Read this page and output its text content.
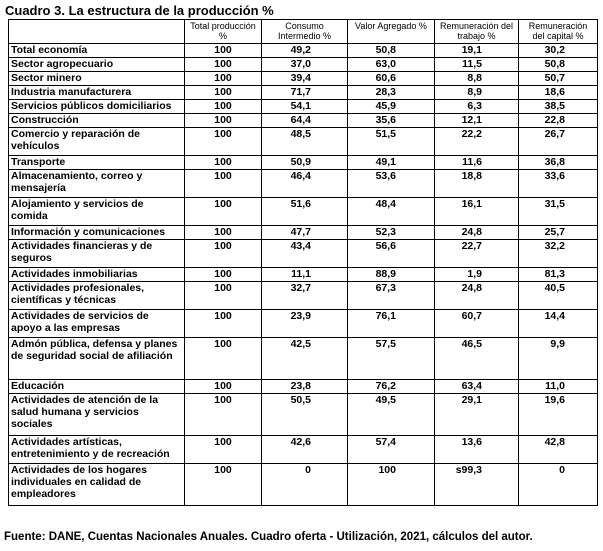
Cuadro 3. La estructura de la producción %
	Total producción %	Consumo Intermedio %	Valor Agregado %	Remuneración del trabajo %	Remuneración del capital %
Total economía	100	49,2	50,8	19,1	30,2
Sector agropecuario	100	37,0	63,0	11,5	50,8
Sector minero	100	39,4	60,6	8,8	50,7
Industria manufacturera	100	71,7	28,3	8,9	18,6
Servicios públicos domiciliarios	100	54,1	45,9	6,3	38,5
Construcción	100	64,4	35,6	12,1	22,8
Comercio y reparación de vehículos	100	48,5	51,5	22,2	26,7
Transporte	100	50,9	49,1	11,6	36,8
Almacenamiento, correo y mensajería	100	46,4	53,6	18,8	33,6
Alojamiento y servicios de comida	100	51,6	48,4	16,1	31,5
Información y comunicaciones	100	47,7	52,3	24,8	25,7
Actividades financieras y de seguros	100	43,4	56,6	22,7	32,2
Actividades inmobiliarias	100	11,1	88,9	1,9	81,3
Actividades profesionales, científicas y técnicas	100	32,7	67,3	24,8	40,5
Actividades de servicios de apoyo a las empresas	100	23,9	76,1	60,7	14,4
Admón pública, defensa y planes de seguridad social de afiliación	100	42,5	57,5	46,5	9,9
Educación	100	23,8	76,2	63,4	11,0
Actividades de atención de la salud humana y servicios sociales	100	50,5	49,5	29,1	19,6
Actividades artísticas, entretenimiento y de recreación	100	42,6	57,4	13,6	42,8
Actividades de los hogares individuales en calidad de empleadores	100	0	100	s99,3	0
Fuente: DANE, Cuentas Nacionales Anuales. Cuadro oferta - Utilización, 2021, cálculos del autor.
